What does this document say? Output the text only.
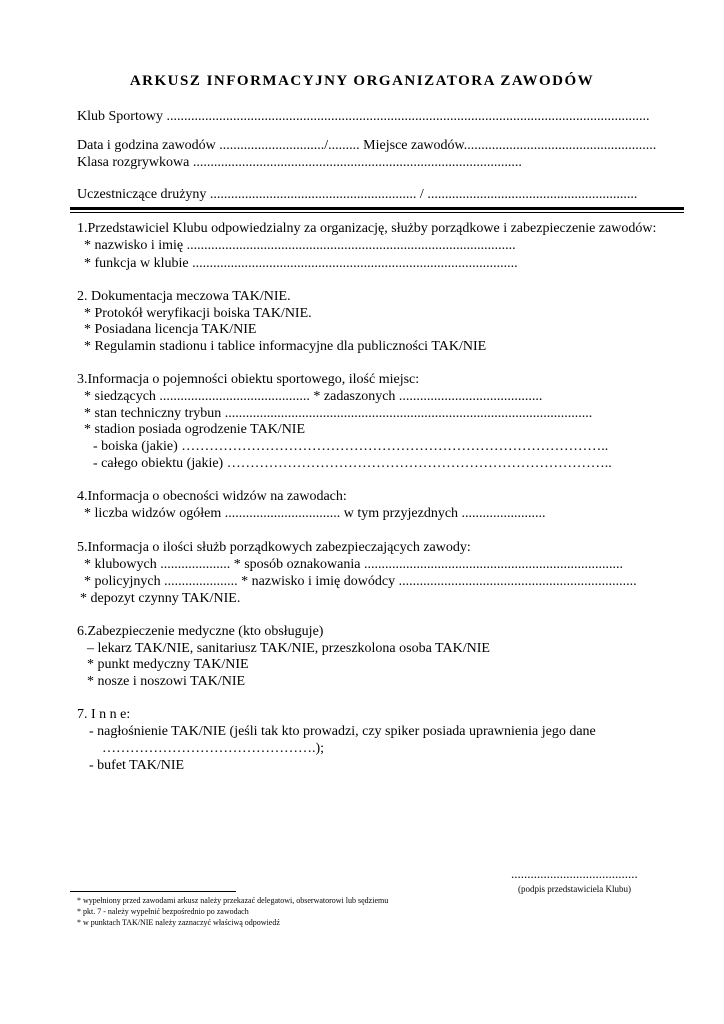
ARKUSZ INFORMACYJNY ORGANIZATORA ZAWODÓW

Klub Sportowy ..........................................................................................................................................

Data i godzina zawodów ............................../......... Miejsce zawodów.......................................................

Klasa rozgrywkowa ..............................................................................................

Uczestniczące drużyny ........................................................... / ............................................................

1.Przedstawiciel Klubu odpowiedzialny za organizację, służby porządkowe i zabezpieczenie zawodów:

* nazwisko i imię ..............................................................................................

* funkcja w klubie .............................................................................................

2. Dokumentacja meczowa TAK/NIE.

* Protokół weryfikacji boiska TAK/NIE.

* Posiadana licencja TAK/NIE

* Regulamin stadionu i tablice informacyjne dla publiczności TAK/NIE

3.Informacja o pojemności obiektu sportowego, ilość miejsc:

* siedzących ........................................... * zadaszonych .........................................

* stan techniczny trybun .........................................................................................................

* stadion posiada ogrodzenie TAK/NIE

- boiska (jakie) ………………………………………………………………………………..

- całego obiektu (jakie) ………………………………………………………………………..

4.Informacja o obecności widzów na zawodach:

* liczba widzów ogółem ................................. w tym przyjezdnych ........................

5.Informacja o ilości służb porządkowych zabezpieczających zawody:

* klubowych .................... * sposób oznakowania ..........................................................................

* policyjnych ..................... * nazwisko i imię dowódcy ....................................................................

* depozyt czynny TAK/NIE.

6.Zabezpieczenie medyczne (kto obsługuje)

– lekarz TAK/NIE, sanitariusz TAK/NIE, przeszkolona osoba TAK/NIE

* punkt medyczny TAK/NIE

* nosze i noszowi TAK/NIE

7. I n n e:

- nagłośnienie TAK/NIE (jeśli tak kto prowadzi, czy spiker posiada uprawnienia jego dane

……………………………………….);

- bufet TAK/NIE

.......................................

(podpis przedstawiciela Klubu)

* wypełniony przed zawodami arkusz należy przekazać delegatowi, obserwatorowi lub sędziemu

* pkt. 7 - należy wypełnić bezpośrednio po zawodach

* w punktach TAK/NIE należy zaznaczyć właściwą odpowiedź
